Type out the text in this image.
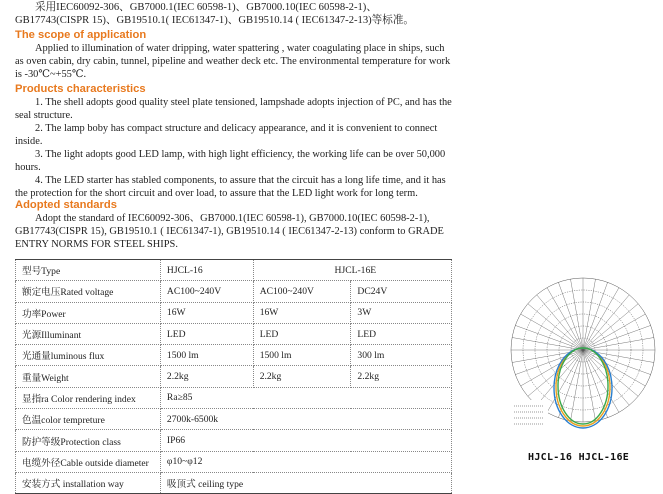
采用IEC60092-306、GB7000.1(IEC 60598-1)、GB7000.10(IEC 60598-2-1)、GB17743(CISPR 15)、GB19510.1( IEC61347-1)、GB19510.14 ( IEC61347-2-13)等标准。
The scope of application

Applied to illumination of water dripping, water spattering , water coagulating place in ships, such as oven cabin, dry cabin, tunnel, pipeline and weather deck etc. The environmental temperature for work is -30℃~+55℃.

Products characteristics

1. The shell adopts good quality steel plate tensioned, lampshade adopts injection of PC, and has the seal structure.

2. The lamp boby has compact structure and delicacy appearance, and it is convenient to connect inside.

3. The light adopts good LED lamp, with high light efficiency, the working life can be over 50,000 hours.

4. The LED starter has stabled components, to assure that the circuit has a long life time, and it has the protection for the short circuit and over load, to assure that the LED light work for long term.

Adopted standards

Adopt the standard of IEC60092-306、GB7000.1(IEC 60598-1), GB7000.10(IEC 60598-2-1), GB17743(CISPR 15), GB19510.1 ( IEC61347-1), GB19510.14 ( IEC61347-2-13) conform to GRADE ENTRY NORMS FOR STEEL SHIPS.

型号Type	HJCL-16	HJCL-16E	
额定电压Rated voltage	AC100~240V	AC100~240V	DC24V
功率Power	16W	16W	3W
光源Illuminant	LED	LED	LED
光通量luminous flux	1500 lm	1500 lm	300 lm
重量Weight	2.2kg	2.2kg	2.2kg
显指ra Color rendering index	Ra≥85		
色温color tempreture	2700k-6500k		
防护等级Protection class	IP66		
电缆外径Cable outside diameter	φ10~φ12		
安装方式 installation way	吸顶式 ceiling type		
HJCL-16 HJCL-16E
